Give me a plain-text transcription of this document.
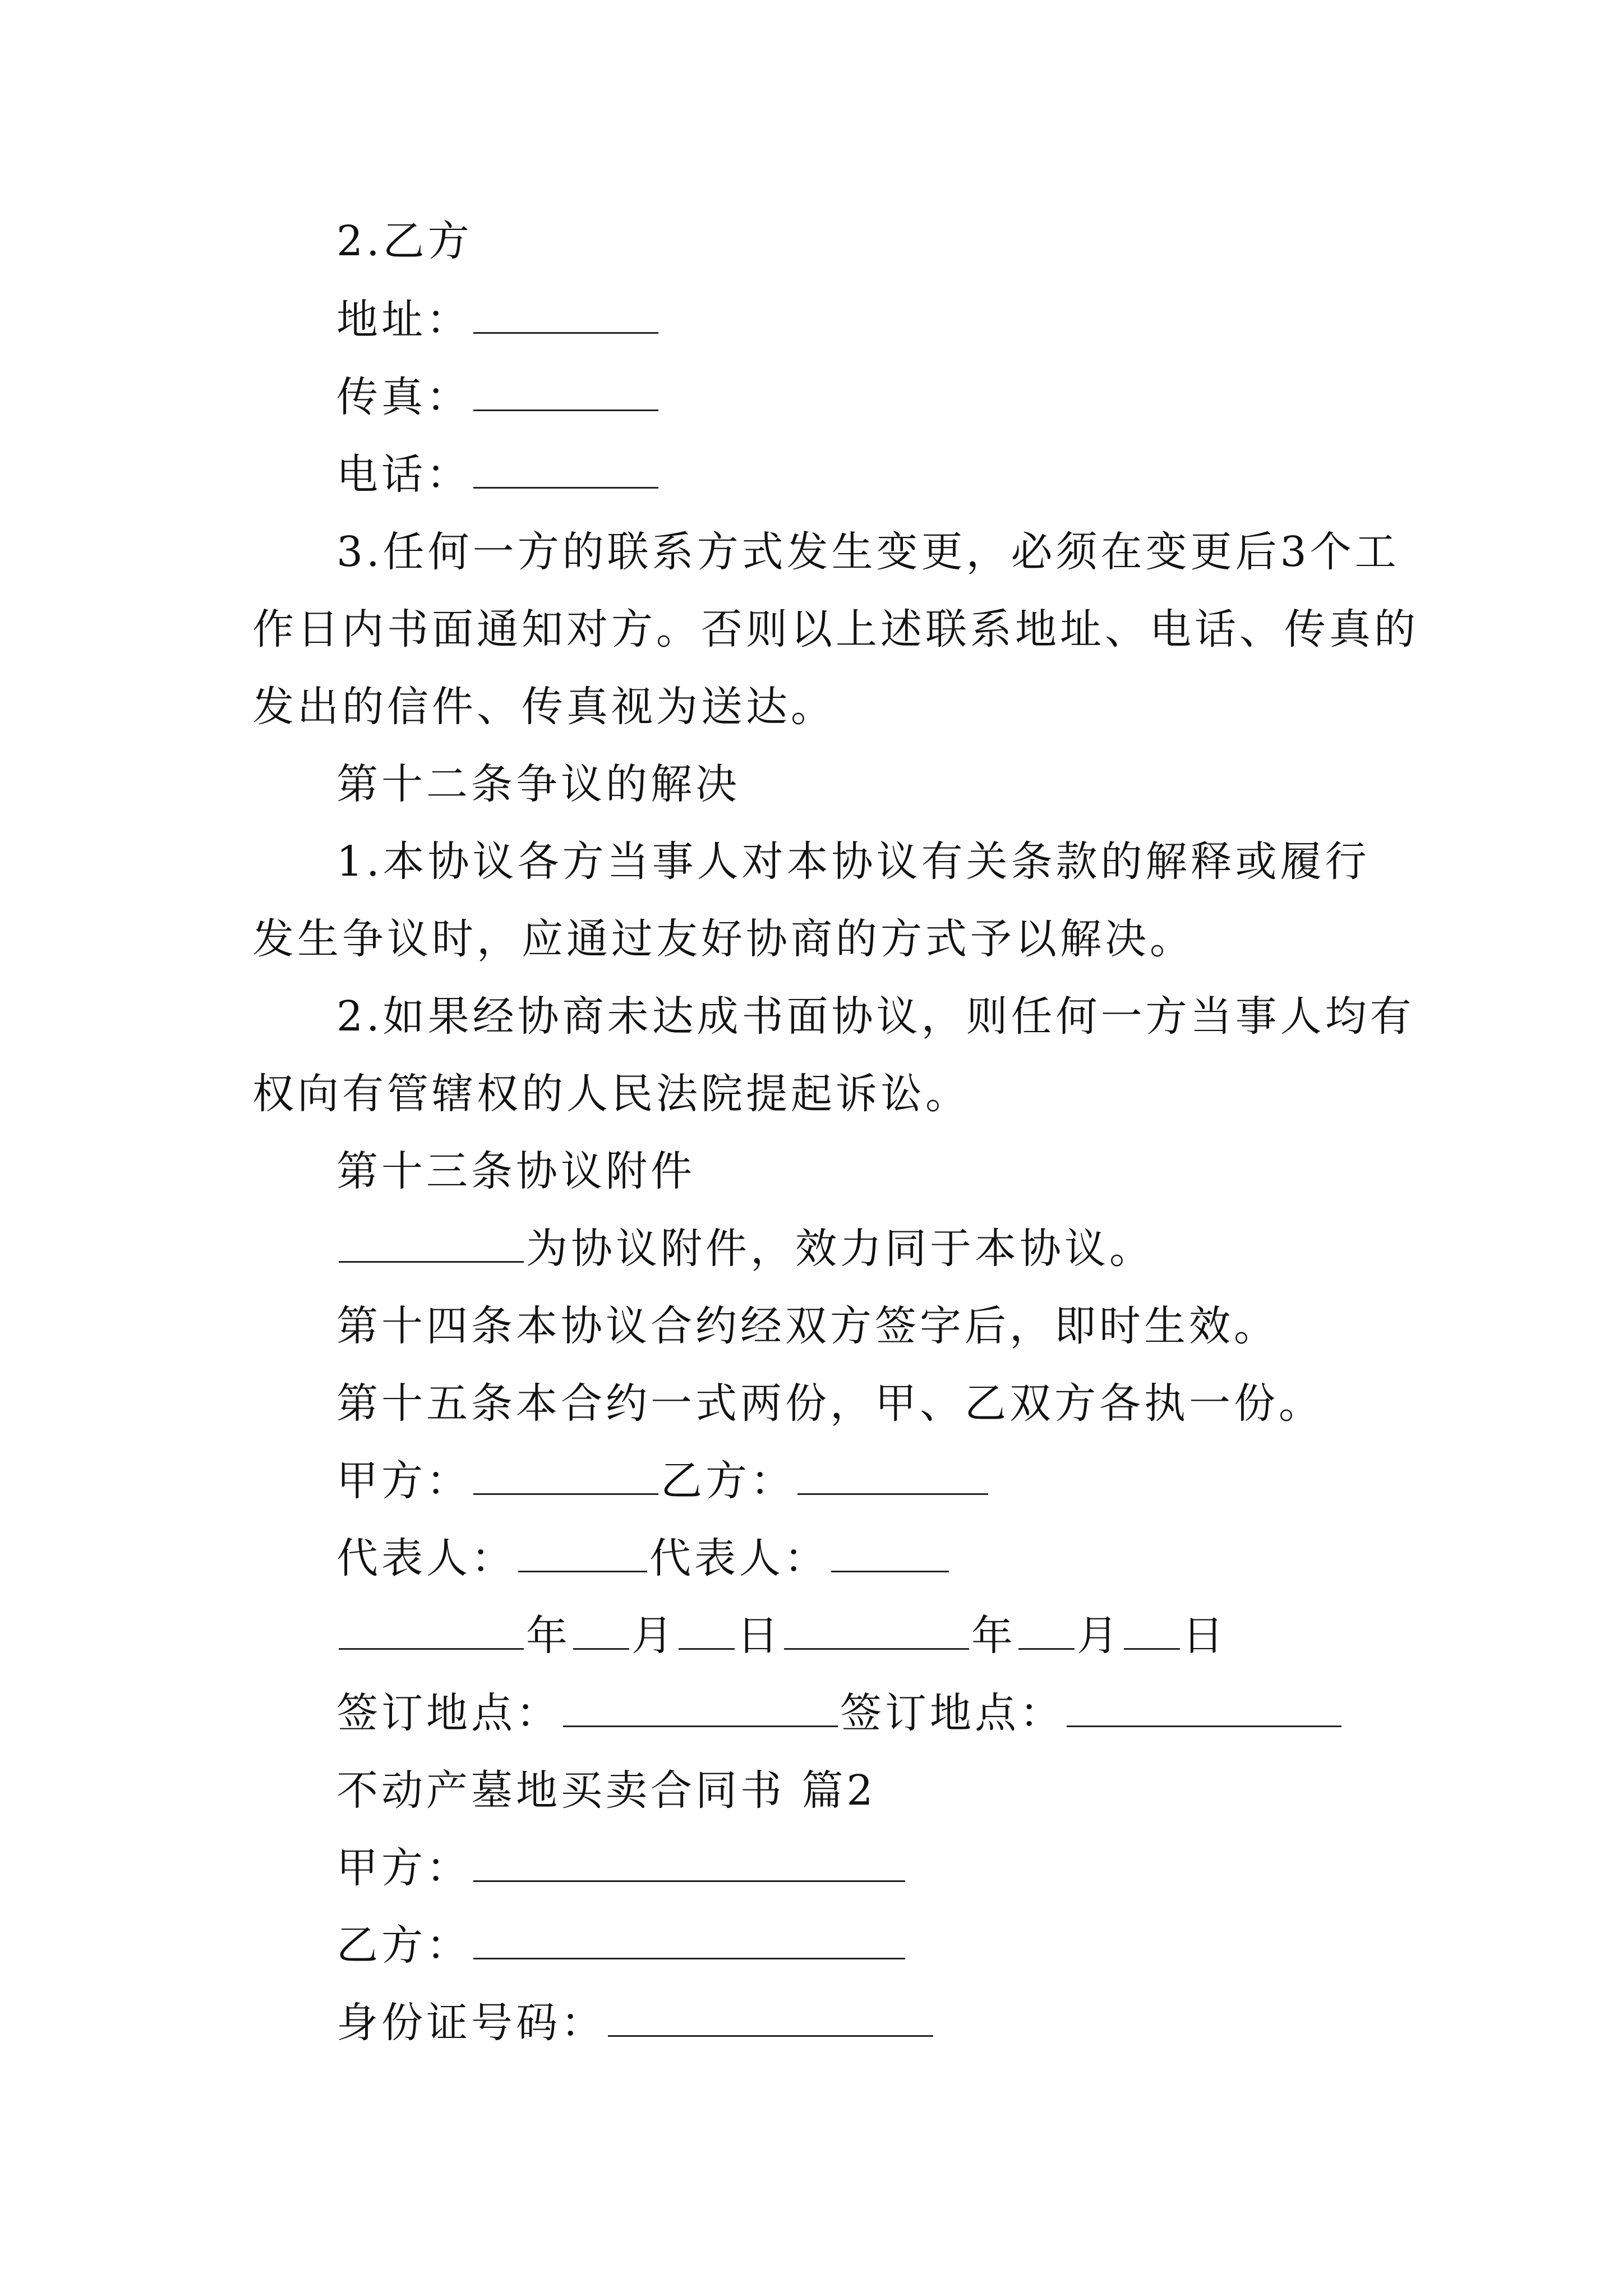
2.乙方
地址：
传真：
电话：
3.任何一方的联系方式发生变更，必须在变更后3个工
作日内书面通知对方。否则以上述联系地址、电话、传真的
发出的信件、传真视为送达。
第十二条争议的解决
1.本协议各方当事人对本协议有关条款的解释或履行
发生争议时，应通过友好协商的方式予以解决。
2.如果经协商未达成书面协议，则任何一方当事人均有
权向有管辖权的人民法院提起诉讼。
第十三条协议附件
为协议附件，效力同于本协议。
第十四条本协议合约经双方签字后，即时生效。
第十五条本合约一式两份，甲、乙双方各执一份。
甲方：	乙方：
代表人：	代表人：
年 月 日	年 月 日
签订地点：	签订地点：
不动产墓地买卖合同书 篇2
甲方：
乙方：
身份证号码：
